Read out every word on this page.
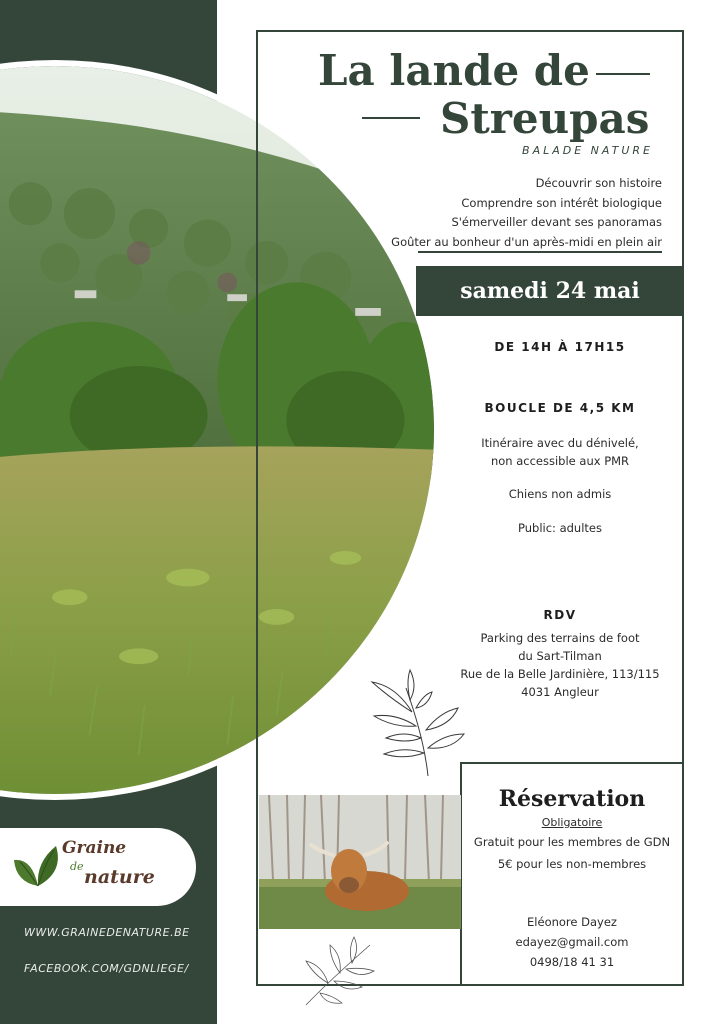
La lande de
Streupas
BALADE NATURE
Découvrir son histoire
Comprendre son intérêt biologique
S'émerveiller devant ses panoramas
Goûter au bonheur d'un après-midi en plein air
samedi 24 mai
DE 14H À 17H15
BOUCLE DE 4,5 KM
Itinéraire avec du dénivelé, non accessible aux PMR
Chiens non admis
Public: adultes
RDV
Parking des terrains de foot
du Sart-Tilman
Rue de la Belle Jardinière, 113/115
4031 Angleur
Réservation
Obligatoire
Gratuit pour les membres de GDN
5€ pour les non-membres
Eléonore Dayez
edayez@gmail.com
0498/18 41 31
Graine
de nature
WWW.GRAINEDENATURE.BE
FACEBOOK.COM/GDNLIEGE/
